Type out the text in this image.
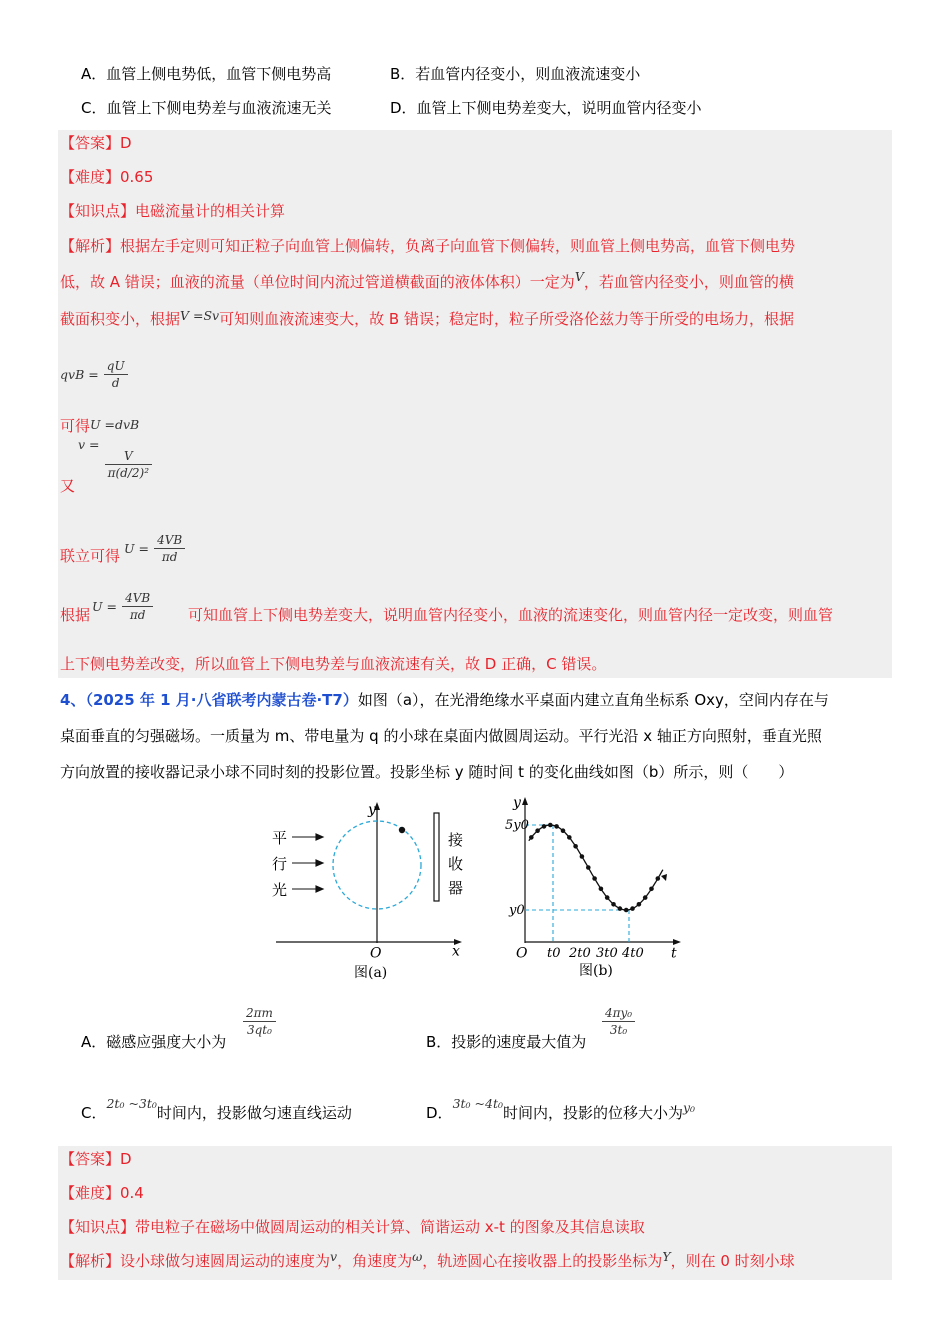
A．血管上侧电势低，血管下侧电势高	B．若血管内径变小，则血液流速变小
C．血管上下侧电势差与血液流速无关	D．血管上下侧电势差变大，说明血管内径变小
【答案】D
【难度】0.65
【知识点】电磁流量计的相关计算
【解析】根据左手定则可知正粒子向血管上侧偏转，负离子向血管下侧偏转，则血管上侧电势高，血管下侧电势
低，故 A 错误；血液的流量（单位时间内流过管道横截面的液体体积）一定为$^V$，若血管内径变小，则血管的横
截面积变小，根据$^{V =Sv}$可知则血液流速变大，故 B 错误；稳定时，粒子所受洛伦兹力等于所受的电场力，根据
qvB = $\frac{qU}{d}$
可得U =dvB
又
$^{v =}$
$\frac{V}{\text{π(d/2)²}}$
联立可得 $U = \frac{4VB}{\pi d}$
根据	可知血管上下侧电势差变大，说明血管内径变小，血液的流速变化，则血管内径一定改变，则血管
$U = \frac{4VB}{\pi d}$
上下侧电势差改变，所以血管上下侧电势差与血液流速有关，故 D 正确，C 错误。
4、（2025 年 1 月·八省联考内蒙古卷·T7）如图（a），在光滑绝缘水平桌面内建立直角坐标系 Oxy，空间内存在与
桌面垂直的匀强磁场。一质量为 m、带电量为 q 的小球在桌面内做圆周运动。平行光沿 x 轴正方向照射，垂直光照
方向放置的接收器记录小球不同时刻的投影位置。投影坐标 y 随时间 t 的变化曲线如图（b）所示，则（　　）
y
x
O
接
收
器
平
行
光
图(a)
y
t
O
5y0
y0
t0 2t0 3t0 4t0
图(b)
A．磁感应强度大小为
$\frac{2\pi m}{\text{3qt₀}}$
B．投影的速度最大值为
$\frac{\text{4πy₀}}{\text{3t₀}}$
C．$^{2t_0 \sim 3t_0}$时间内，投影做匀速直线运动	D．$^{3t_0 \sim 4t_0}$时间内，投影的位移大小为$^{y_0}$
【答案】D
【难度】0.4
【知识点】带电粒子在磁场中做圆周运动的相关计算、简谐运动 x-t 的图象及其信息读取
【解析】设小球做匀速圆周运动的速度为$^v$，角速度为$^\omega$，轨迹圆心在接收器上的投影坐标为$^Y$，则在 0 时刻小球
